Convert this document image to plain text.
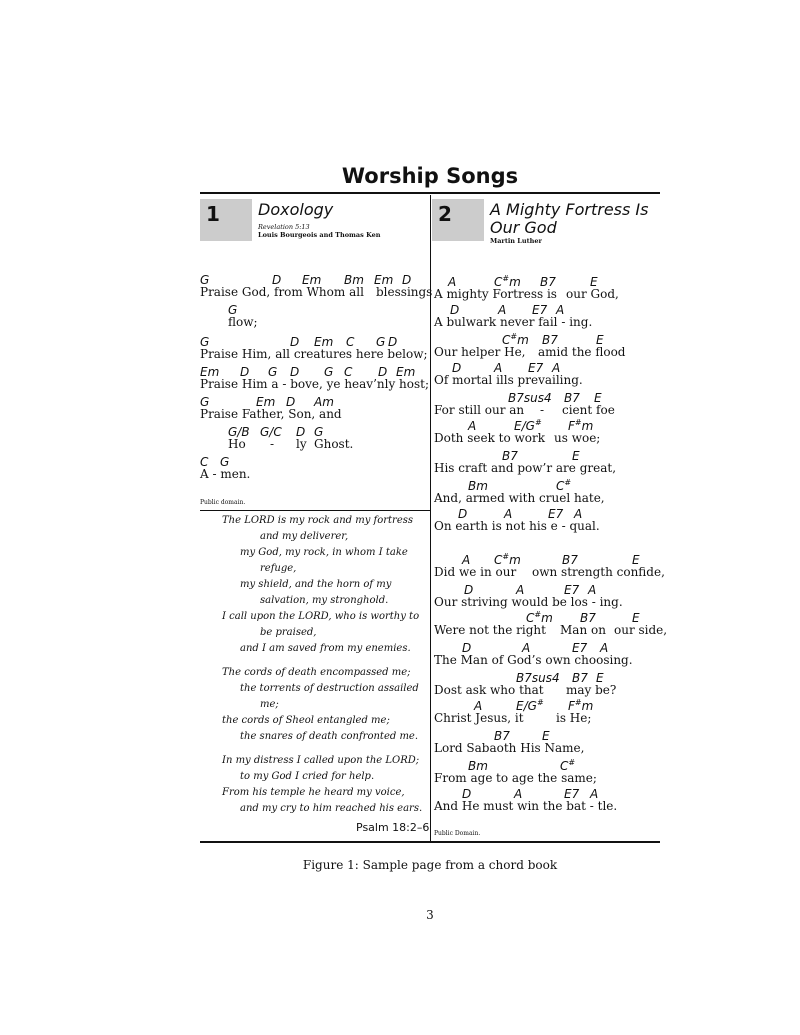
Worship Songs
1 Doxology
Revelation 5:13
Louis Bourgeois and Thomas Ken
G	D Em Bm Em D
Praise God, from Whom all blessings
G
flow;
G	D Em C G D
Praise Him, all creatures here below;
Em D G D G C D Em
Praise Him a - bove, ye heav’nly host;
G	Em D Am
Praise Father, Son, and
G/B G/C D G
Ho - ly Ghost.
C G
A - men.
Public domain.
The LORD is my rock and my fortress
and my deliverer,
my God, my rock, in whom I take
refuge,
my shield, and the horn of my
salvation, my stronghold.
I call upon the LORD, who is worthy to
be praised,
and I am saved from my enemies.
The cords of death encompassed me;
the torrents of destruction assailed
me;
the cords of Sheol entangled me;
the snares of death confronted me.
In my distress I called upon the LORD;
to my God I cried for help.
From his temple he heard my voice,
and my cry to him reached his ears.
Psalm 18:2–6
2 A Mighty Fortress Is Our God
Martin Luther
A	C#m B7	E
A mighty Fortress is our God,
D	A E7 A
A bulwark never fail - ing.
C#m B7	E
Our helper He, amid the flood
D	A E7 A
Of mortal ills prevailing.
B7sus4 B7 E
For still our an - cient foe
A	E/G# F#m
Doth seek to work us woe;
B7	E
His craft and pow’r are great,
Bm	C#
And, armed with cruel hate,
D	A	E7 A
On earth is not his e - qual.
A C#m	B7	E
Did we in our own strength confide,
D	A	E7 A
Our striving would be los - ing.
C#m B7	E
Were not the right Man on our side,
D	A	E7 A
The Man of God’s own choosing.
B7sus4 B7 E
Dost ask who that may be?
A	E/G# F#m
Christ Jesus, it	is He;
B7	E
Lord Sabaoth His Name,
Bm	C#
From age to age the same;
D	A	E7 A
And He must win the bat - tle.
Public Domain.
Figure 1: Sample page from a chord book
3
